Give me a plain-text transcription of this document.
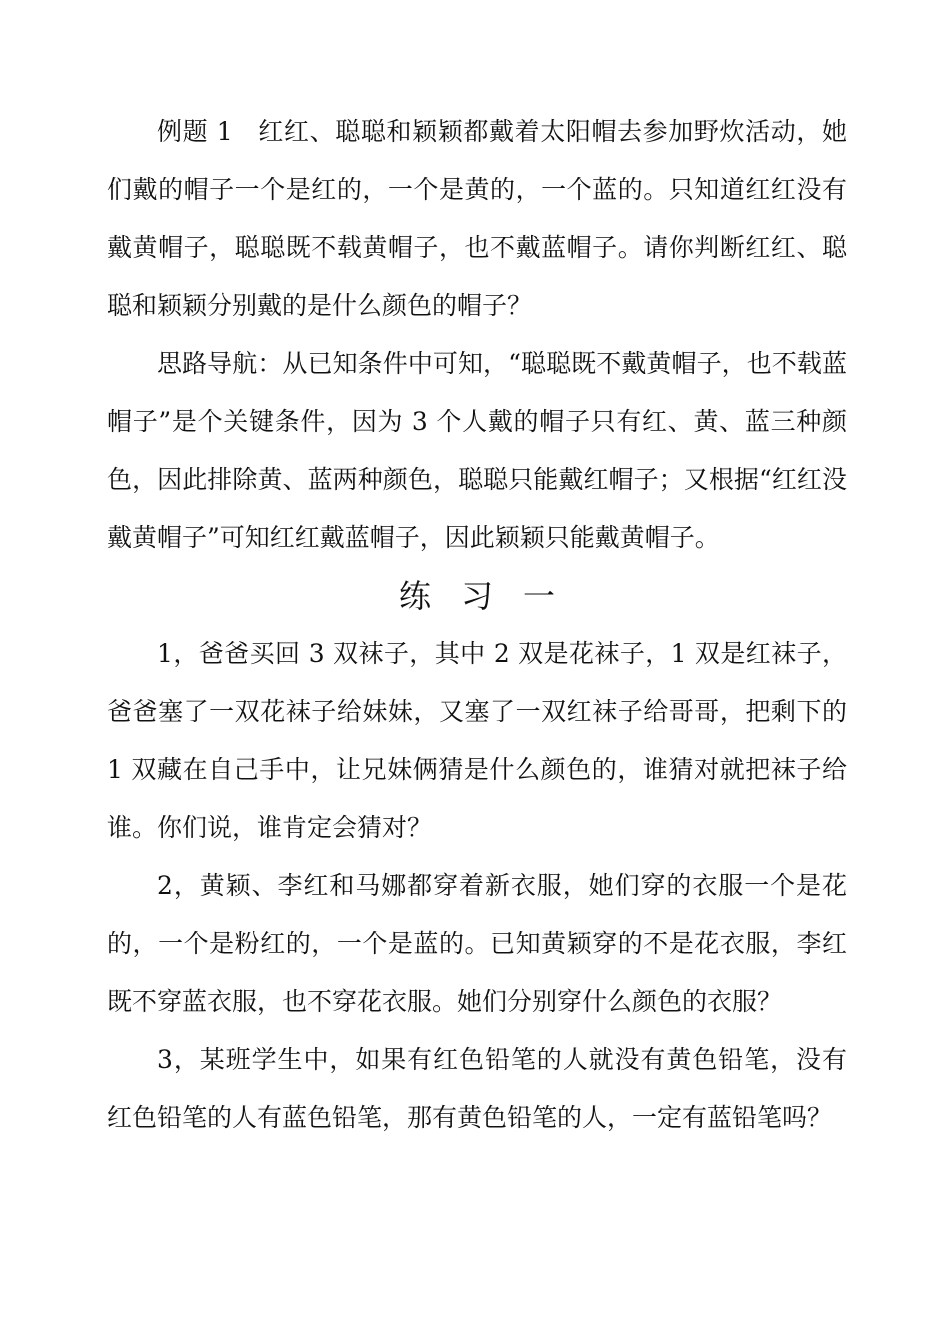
例题 1 红红、聪聪和颖颖都戴着太阳帽去参加野炊活动，她们戴的帽子一个是红的，一个是黄的，一个蓝的。只知道红红没有戴黄帽子，聪聪既不载黄帽子，也不戴蓝帽子。请你判断红红、聪聪和颖颖分别戴的是什么颜色的帽子？

思路导航：从已知条件中可知，“聪聪既不戴黄帽子，也不载蓝帽子”是个关键条件，因为 3 个人戴的帽子只有红、黄、蓝三种颜色，因此排除黄、蓝两种颜色，聪聪只能戴红帽子；又根据“红红没戴黄帽子”可知红红戴蓝帽子，因此颖颖只能戴黄帽子。

练习一

1，爸爸买回 3 双袜子，其中 2 双是花袜子，1 双是红袜子，爸爸塞了一双花袜子给妹妹，又塞了一双红袜子给哥哥，把剩下的 1 双藏在自己手中，让兄妹俩猜是什么颜色的，谁猜对就把袜子给谁。你们说，谁肯定会猜对？

2，黄颖、李红和马娜都穿着新衣服，她们穿的衣服一个是花的，一个是粉红的，一个是蓝的。已知黄颖穿的不是花衣服，李红既不穿蓝衣服，也不穿花衣服。她们分别穿什么颜色的衣服？

3，某班学生中，如果有红色铅笔的人就没有黄色铅笔，没有红色铅笔的人有蓝色铅笔，那有黄色铅笔的人，一定有蓝铅笔吗？
